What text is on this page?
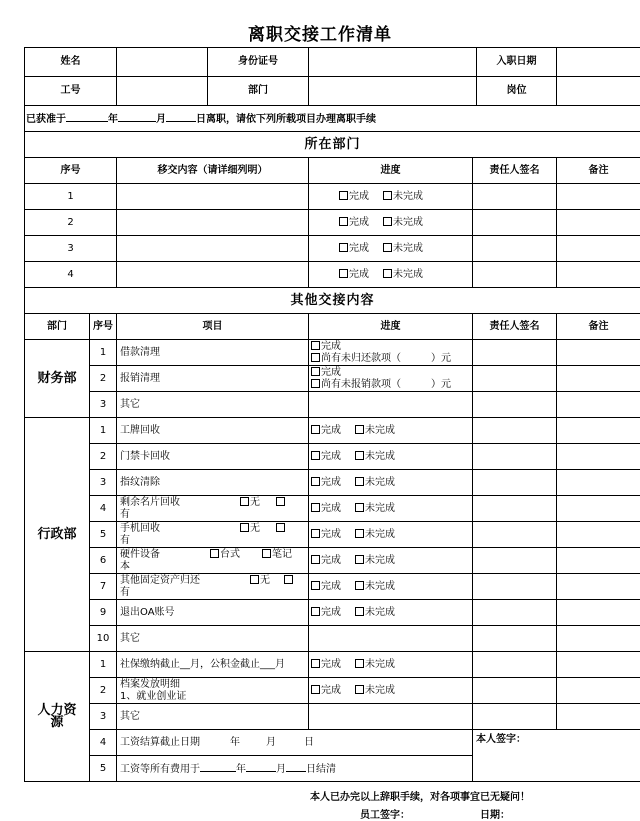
离职交接工作清单
姓名		身份证号	入职日期		

工号		部门	岗位		

已获准于 年 月 日离职，请依下列所载项目办理离职手续					
所在部门					
序号		移交内容（请详细列明）	进度	责任人签名	备注
1			完成 未完成		
2			完成 未完成		
3			完成 未完成		
4			完成 未完成		
其他交接内容					
部门	序号	项目	进度	责任人签名	备注
财务部	1	借款清理	完成
尚有未归还款项（ ）元		

	2	报销清理	完成
尚有未报销款项（ ）元		

	3	其它			
行政部	1	工牌回收	完成 未完成		
	2	门禁卡回收	完成 未完成		
	3	指纹清除	完成 未完成		
	4	剩余名片回收 无
有	完成 未完成		
	5	手机回收 无
有	完成 未完成		
	6	硬件设备 台式 笔记
本	完成 未完成		
	7	其他固定资产归还 无
有	完成 未完成		
	9	退出OA账号	完成 未完成		
	10	其它			

人力资
源	1	社保缴纳截止__月，公积金截止___月	完成 未完成		
	2	档案发放明细
1、就业创业证	完成 未完成		
	3	其它			
	4	工资结算截止日期 年 月 日		本人签字：	
	5	工资等所有费用于 年 月 日结清			
本人已办完以上辞职手续，对各项事宜已无疑问！
员工签字：	日期：
